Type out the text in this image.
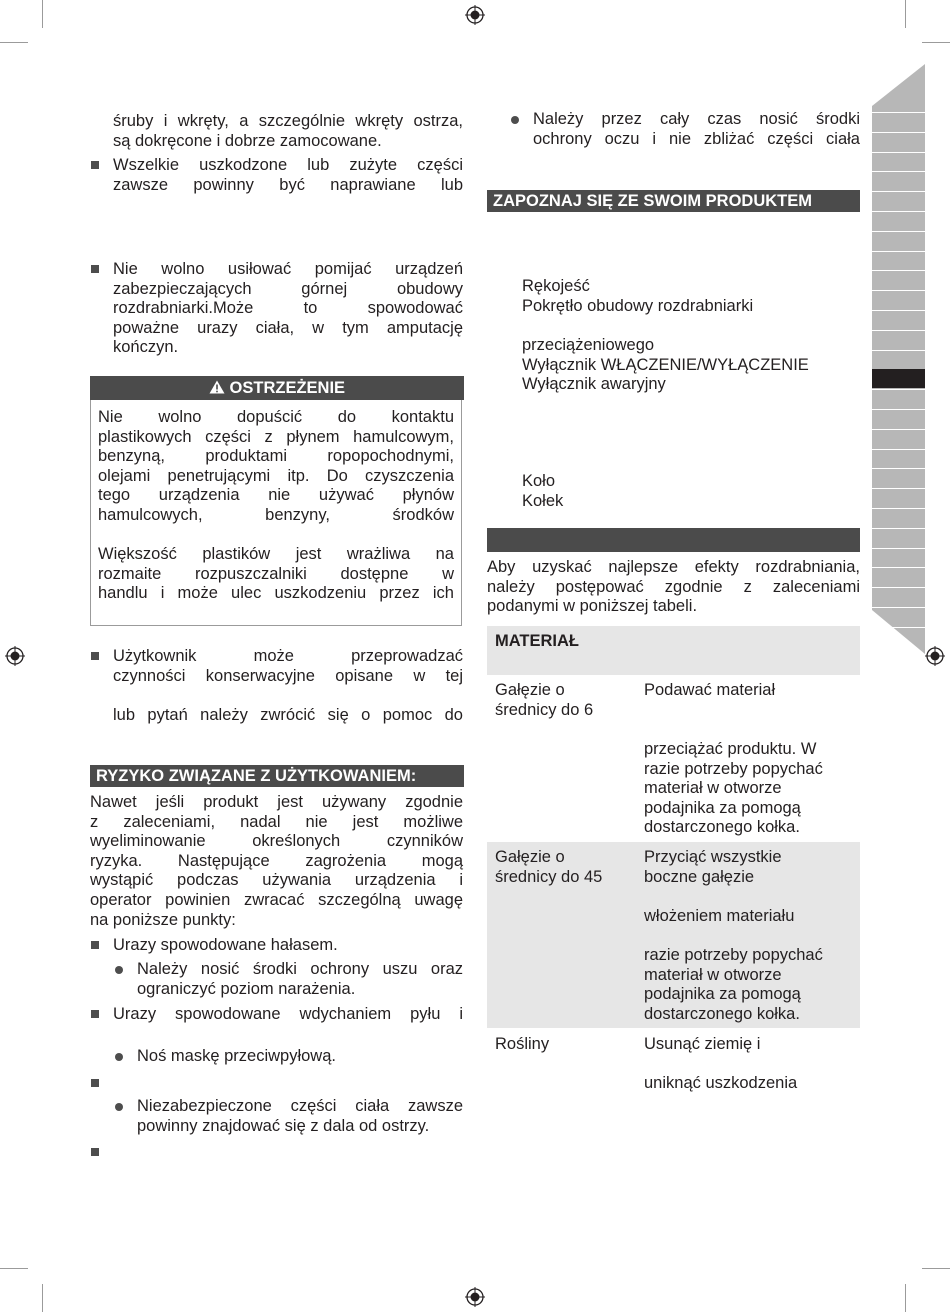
śruby i wkręty, a szczególnie wkręty ostrza,
są dokręcone i dobrze zamocowane.
Wszelkie uszkodzone lub zużyte części
zawsze powinny być naprawiane lub
Nie wolno usiłować pomijać urządzeń
zabezpieczających górnej obudowy
rozdrabniarki.Może to spowodować
poważne urazy ciała, w tym amputację
kończyn.
OSTRZEŻENIE
Nie wolno dopuścić do kontaktu
plastikowych części z płynem hamulcowym,
benzyną, produktami ropopochodnymi,
olejami penetrującymi itp. Do czyszczenia
tego urządzenia nie używać płynów
hamulcowych, benzyny, środków
Większość plastików jest wrażliwa na
rozmaite rozpuszczalniki dostępne w
handlu i może ulec uszkodzeniu przez ich
Użytkownik może przeprowadzać
czynności konserwacyjne opisane w tej
lub pytań należy zwrócić się o pomoc do
RYZYKO ZWIĄZANE Z UŻYTKOWANIEM:
Nawet jeśli produkt jest używany zgodnie
z zaleceniami, nadal nie jest możliwe
wyeliminowanie określonych czynników
ryzyka. Następujące zagrożenia mogą
wystąpić podczas używania urządzenia i
operator powinien zwracać szczególną uwagę
na poniższe punkty:
Urazy spowodowane hałasem.
Należy nosić środki ochrony uszu oraz
ograniczyć poziom narażenia.
Urazy spowodowane wdychaniem pyłu i
Noś maskę przeciwpyłową.
Niezabezpieczone części ciała zawsze
powinny znajdować się z dala od ostrzy.
Należy przez cały czas nosić środki
ochrony oczu i nie zbliżać części ciała
ZAPOZNAJ SIĘ ZE SWOIM PRODUKTEM
Rękojeść
Pokrętło obudowy rozdrabniarki
przeciążeniowego
Wyłącznik WŁĄCZENIE/WYŁĄCZENIE
Wyłącznik awaryjny
Koło
Kołek
Aby uzyskać najlepsze efekty rozdrabniania,
należy postępować zgodnie z zaleceniami
podanymi w poniższej tabeli.
MATERIAŁ
Gałęzie o
średnicy do 6
Podawać materiał
przeciążać produktu. W
razie potrzeby popychać
materiał w otworze
podajnika za pomogą
dostarczonego kołka.
Gałęzie o
średnicy do 45
Przyciąć wszystkie
boczne gałęzie
włożeniem materiału
razie potrzeby popychać
materiał w otworze
podajnika za pomogą
dostarczonego kołka.
Rośliny	Usunąć ziemię i
uniknąć uszkodzenia
